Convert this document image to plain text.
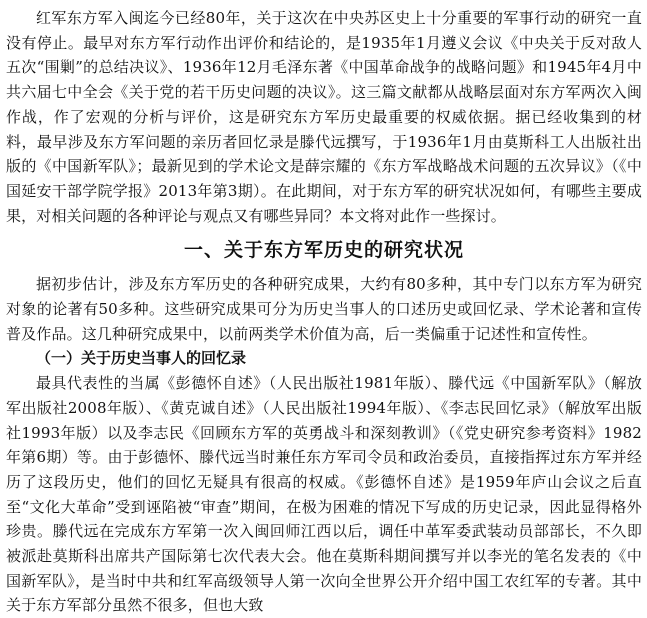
红军东方军入闽迄今已经80年，关于这次在中央苏区史上十分重要的军事行动的研究一直没有停止。最早对东方军行动作出评价和结论的，是1935年1月遵义会议《中央关于反对敌人五次“围剿”的总结决议》、1936年12月毛泽东著《中国革命战争的战略问题》和1945年4月中共六届七中全会《关于党的若干历史问题的决议》。这三篇文献都从战略层面对东方军两次入闽作战，作了宏观的分析与评价，这是研究东方军历史最重要的权威依据。据已经收集到的材料，最早涉及东方军问题的亲历者回忆录是滕代远撰写，于1936年1月由莫斯科工人出版社出版的《中国新军队》；最新见到的学术论文是薛宗耀的《东方军战略战术问题的五次异议》（《中国延安干部学院学报》2013年第3期）。在此期间，对于东方军的研究状况如何，有哪些主要成果，对相关问题的各种评论与观点又有哪些异同？本文将对此作一些探讨。

一、关于东方军历史的研究状况

据初步估计，涉及东方军历史的各种研究成果，大约有80多种，其中专门以东方军为研究对象的论著有50多种。这些研究成果可分为历史当事人的口述历史或回忆录、学术论著和宣传普及作品。这几种研究成果中，以前两类学术价值为高，后一类偏重于记述性和宣传性。

（一）关于历史当事人的回忆录

最具代表性的当属《彭德怀自述》（人民出版社1981年版）、滕代远《中国新军队》（解放军出版社2008年版）、《黄克诚自述》（人民出版社1994年版）、《李志民回忆录》（解放军出版社1993年版）以及李志民《回顾东方军的英勇战斗和深刻教训》（《党史研究参考资料》1982年第6期）等。由于彭德怀、滕代远当时兼任东方军司令员和政治委员，直接指挥过东方军并经历了这段历史，他们的回忆无疑具有很高的权威。《彭德怀自述》是1959年庐山会议之后直至“文化大革命”受到诬陷被“审查”期间，在极为困难的情况下写成的历史记录，因此显得格外珍贵。滕代远在完成东方军第一次入闽回师江西以后，调任中革军委武装动员部部长，不久即被派赴莫斯科出席共产国际第七次代表大会。他在莫斯科期间撰写并以李光的笔名发表的《中国新军队》，是当时中共和红军高级领导人第一次向全世界公开介绍中国工农红军的专著。其中关于东方军部分虽然不很多，但也大致
